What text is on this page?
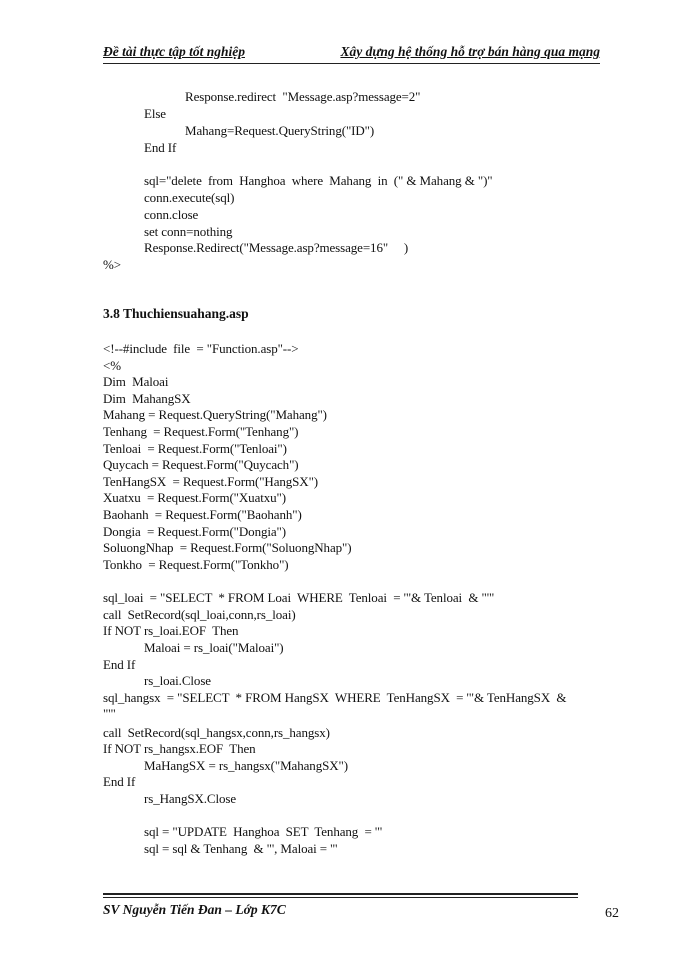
Đề tài thực tập tốt nghiệp	Xây dựng hệ thống hỗ trợ bán hàng qua mạng
Response.redirect  "Message.asp?message=2"
Else
Mahang=Request.QueryString("ID")
End If
sql="delete  from  Hanghoa  where  Mahang  in  (" & Mahang & ")"
conn.execute(sql)
conn.close
set conn=nothing
Response.Redirect("Message.asp?message=16"     )
%>
3.8 Thuchiensuahang.asp
<!--#include  file  = "Function.asp"-->
<%
Dim  Maloai
Dim  MahangSX
Mahang = Request.QueryString("Mahang")
Tenhang  = Request.Form("Tenhang")
Tenloai  = Request.Form("Tenloai")
Quycach = Request.Form("Quycach")
TenHangSX  = Request.Form("HangSX")
Xuatxu  = Request.Form("Xuatxu")
Baohanh  = Request.Form("Baohanh")
Dongia  = Request.Form("Dongia")
SoluongNhap  = Request.Form("SoluongNhap")
Tonkho  = Request.Form("Tonkho")
sql_loai  = "SELECT  * FROM Loai  WHERE  Tenloai  = '"& Tenloai  & "'"
call  SetRecord(sql_loai,conn,rs_loai)
If NOT rs_loai.EOF  Then
Maloai = rs_loai("Maloai")
End If
rs_loai.Close
sql_hangsx  = "SELECT  * FROM HangSX  WHERE  TenHangSX  = '"& TenHangSX  &
"'"
call  SetRecord(sql_hangsx,conn,rs_hangsx)
If NOT rs_hangsx.EOF  Then
MaHangSX = rs_hangsx("MahangSX")
End If
rs_HangSX.Close
sql = "UPDATE  Hanghoa  SET  Tenhang  = '"
sql = sql & Tenhang  & "', Maloai = '"
SV Nguyễn Tiến Đan – Lớp K7C	62
